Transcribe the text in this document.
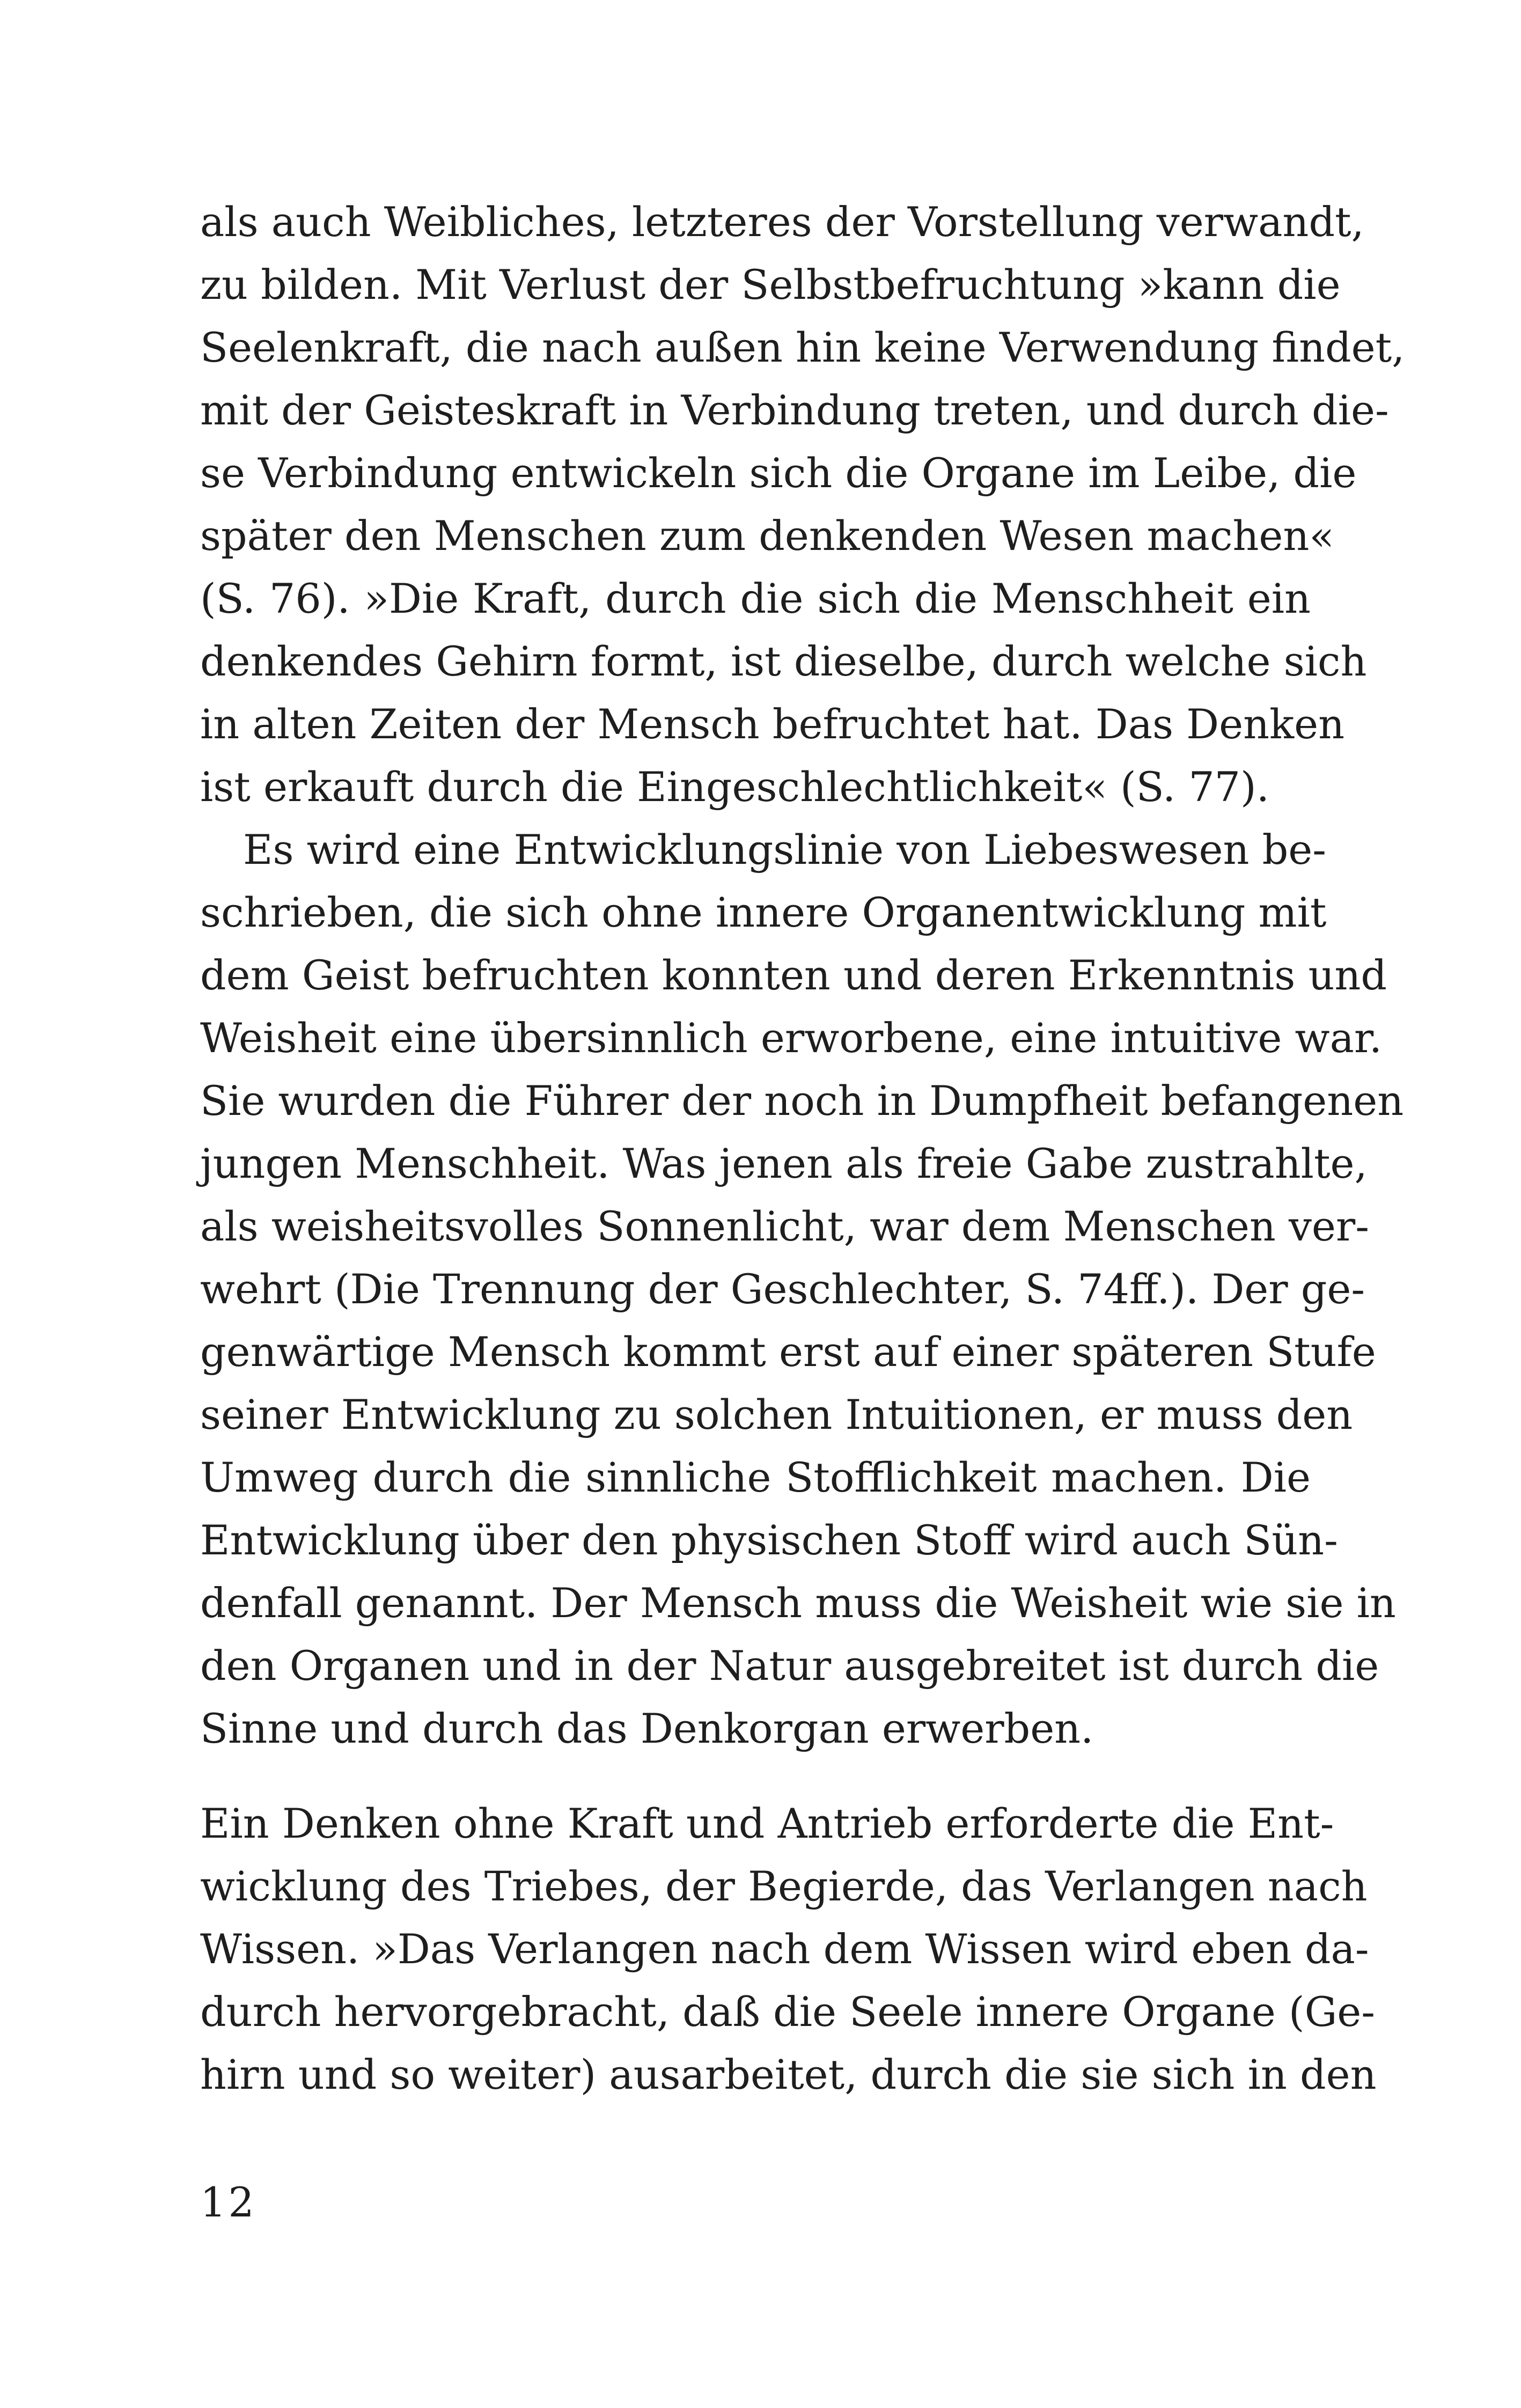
als auch Weibliches, letzteres der Vorstellung verwandt,
zu bilden. Mit Verlust der Selbstbefruchtung »kann die
Seelenkraft, die nach außen hin keine Verwendung findet,
mit der Geisteskraft in Verbindung treten, und durch die-
se Verbindung entwickeln sich die Organe im Leibe, die
später den Menschen zum denkenden Wesen machen«
(S. 76). »Die Kraft, durch die sich die Menschheit ein
denkendes Gehirn formt, ist dieselbe, durch welche sich
in alten Zeiten der Mensch befruchtet hat. Das Denken
ist erkauft durch die Eingeschlechtlichkeit« (S. 77).
Es wird eine Entwicklungslinie von Liebeswesen be-
schrieben, die sich ohne innere Organentwicklung mit
dem Geist befruchten konnten und deren Erkenntnis und
Weisheit eine übersinnlich erworbene, eine intuitive war.
Sie wurden die Führer der noch in Dumpfheit befangenen
jungen Menschheit. Was jenen als freie Gabe zustrahlte,
als weisheitsvolles Sonnenlicht, war dem Menschen ver-
wehrt (Die Trennung der Geschlechter, S. 74ff.). Der ge-
genwärtige Mensch kommt erst auf einer späteren Stufe
seiner Entwicklung zu solchen Intuitionen, er muss den
Umweg durch die sinnliche Stofflichkeit machen. Die
Entwicklung über den physischen Stoff wird auch Sün-
denfall genannt. Der Mensch muss die Weisheit wie sie in
den Organen und in der Natur ausgebreitet ist durch die
Sinne und durch das Denkorgan erwerben.
Ein Denken ohne Kraft und Antrieb erforderte die Ent-
wicklung des Triebes, der Begierde, das Verlangen nach
Wissen. »Das Verlangen nach dem Wissen wird eben da-
durch hervorgebracht, daß die Seele innere Organe (Ge-
hirn und so weiter) ausarbeitet, durch die sie sich in den
12
